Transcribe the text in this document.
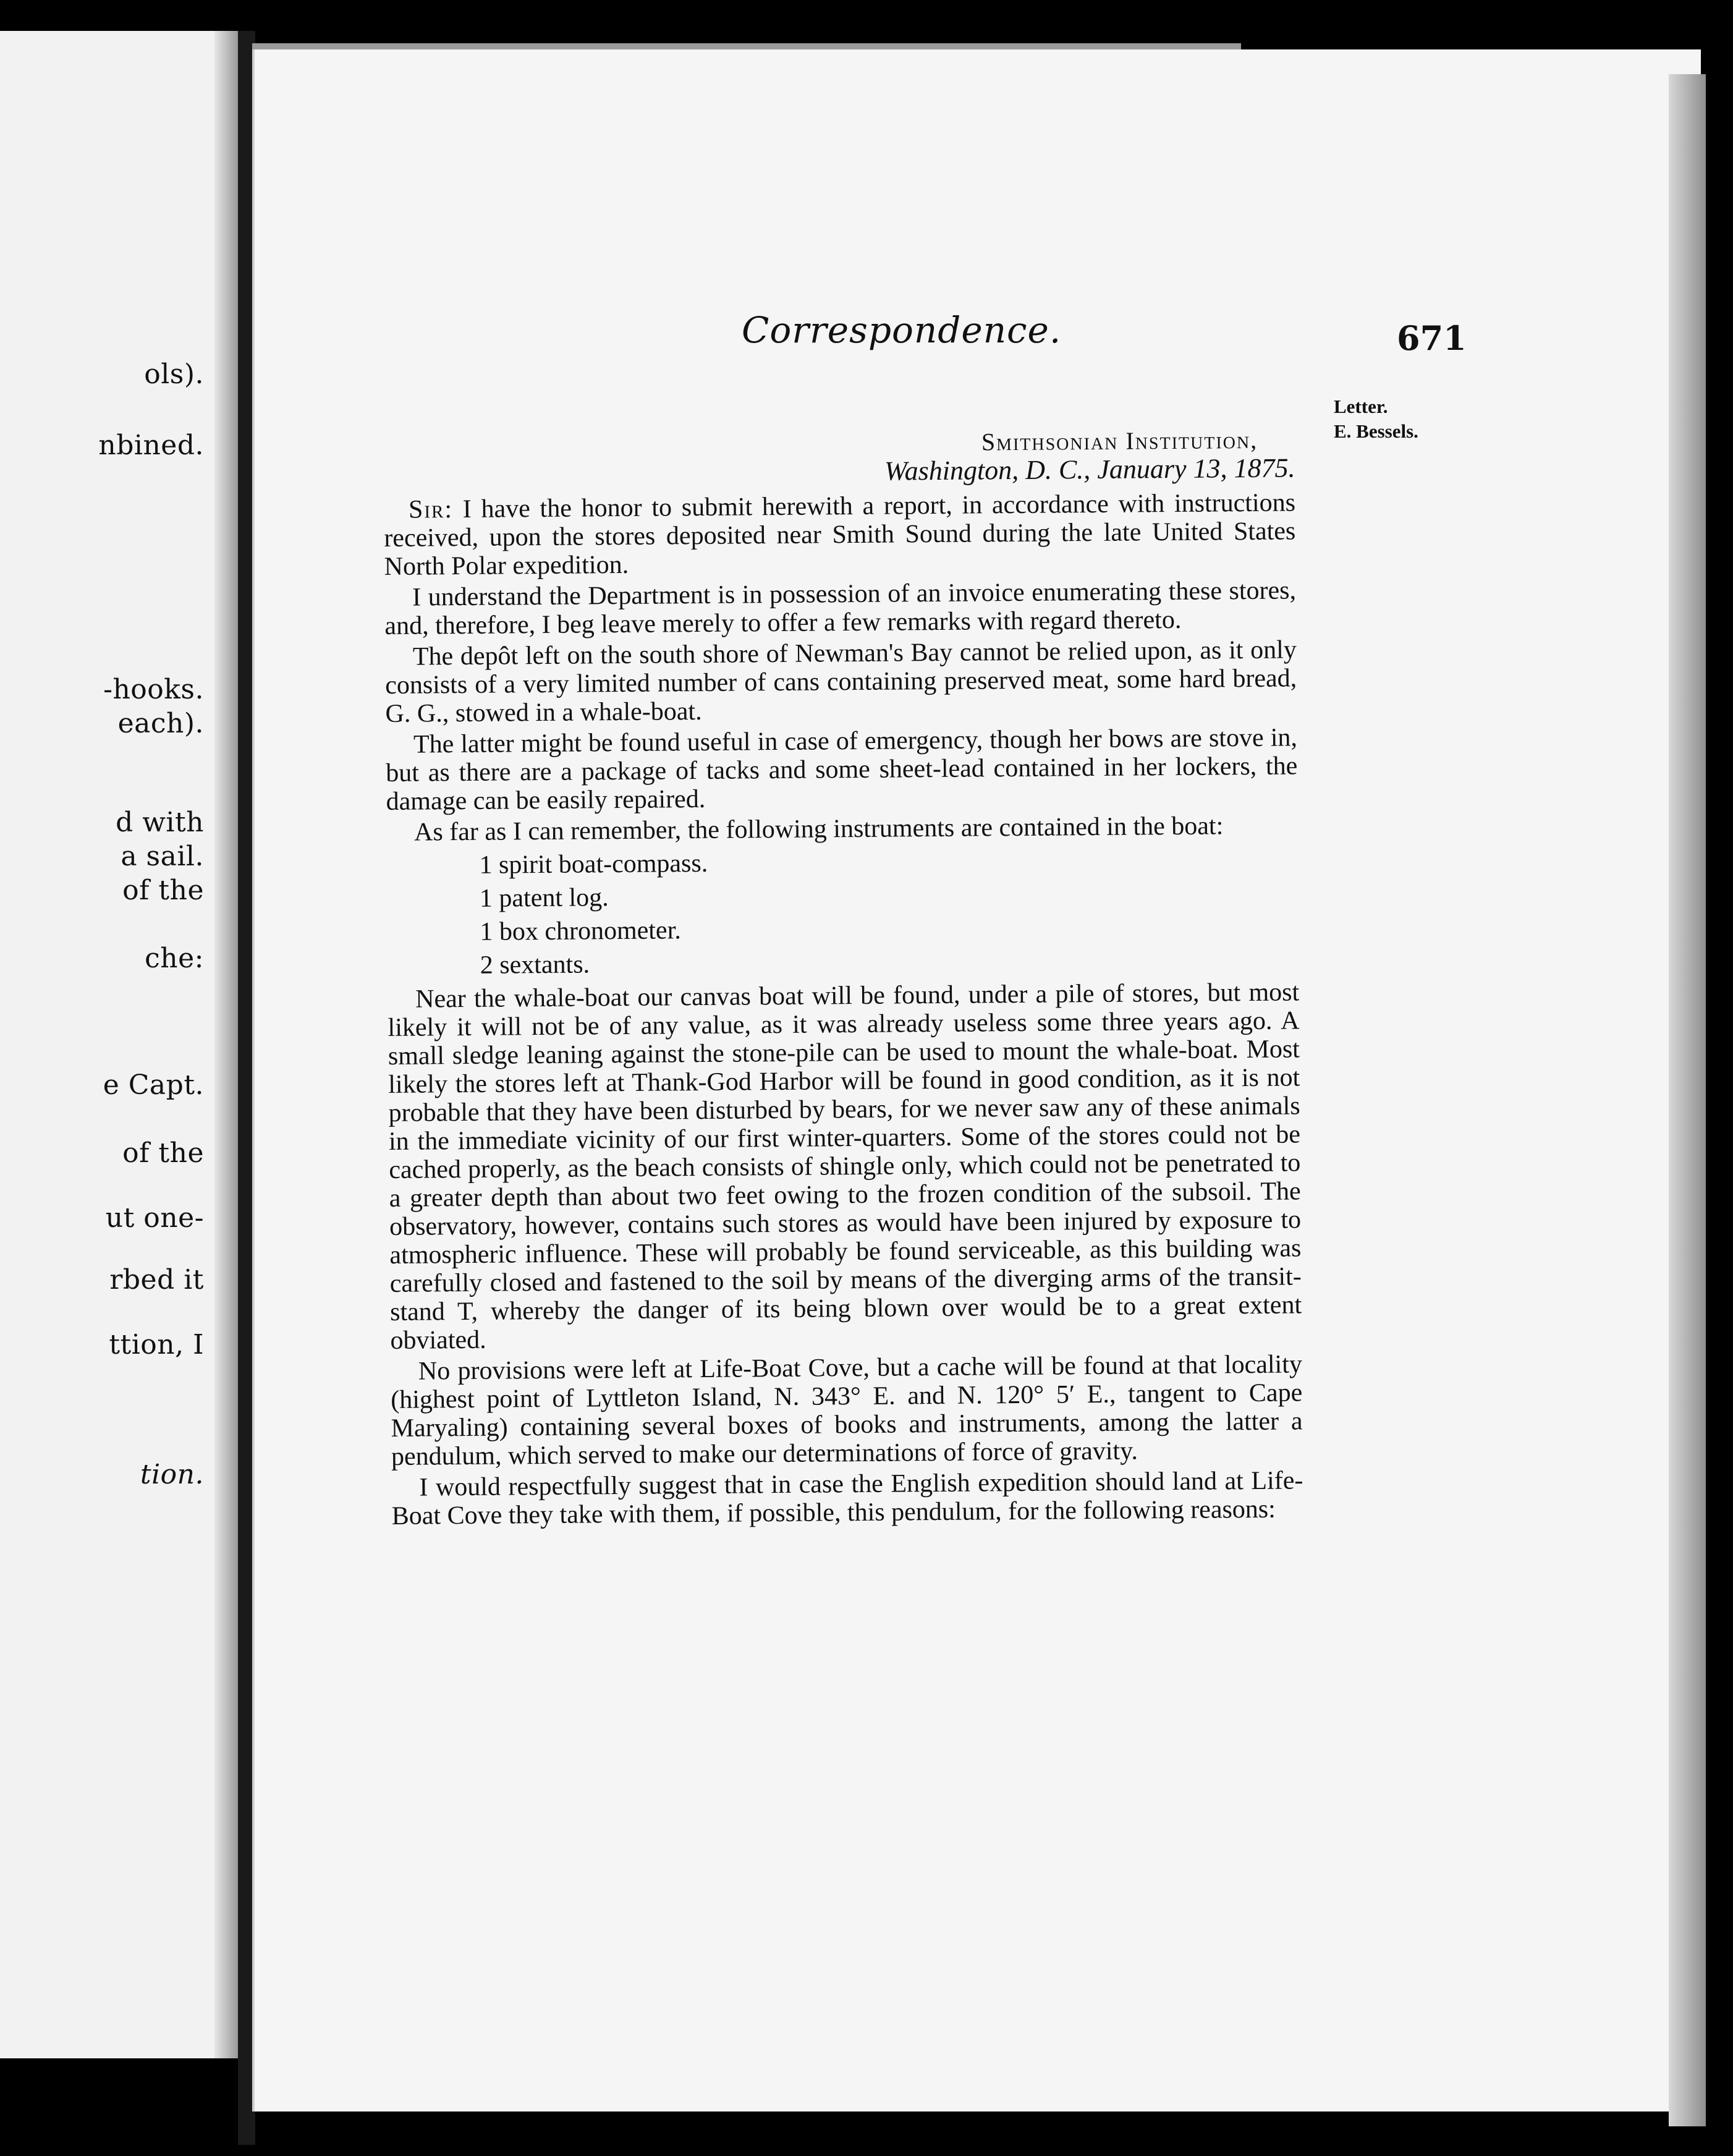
ols).
nbined.
-hooks.
each).
d with
a sail.
of the
che:
e Capt.
of the
ut one-
rbed it
ttion, I
tion.
Correspondence.	671
Letter.
E. Bessels.
Smithsonian Institution,
Washington, D. C., January 13, 1875.

Sir: I have the honor to submit herewith a report, in accordance with instructions received, upon the stores deposited near Smith Sound during the late United States North Polar expedition.

I understand the Department is in possession of an invoice enumerating these stores, and, therefore, I beg leave merely to offer a few remarks with regard thereto.

The depôt left on the south shore of Newman's Bay cannot be relied upon, as it only consists of a very limited number of cans containing preserved meat, some hard bread, G. G., stowed in a whale-boat.

The latter might be found useful in case of emergency, though her bows are stove in, but as there are a package of tacks and some sheet-lead contained in her lockers, the damage can be easily repaired.

As far as I can remember, the following instruments are contained in the boat:

1 spirit boat-compass.
1 patent log.
1 box chronometer.
2 sextants.

Near the whale-boat our canvas boat will be found, under a pile of stores, but most likely it will not be of any value, as it was already useless some three years ago. A small sledge leaning against the stone-pile can be used to mount the whale-boat. Most likely the stores left at Thank-God Harbor will be found in good condition, as it is not probable that they have been disturbed by bears, for we never saw any of these animals in the immediate vicinity of our first winter-quarters. Some of the stores could not be cached properly, as the beach consists of shingle only, which could not be penetrated to a greater depth than about two feet owing to the frozen condition of the subsoil. The observatory, however, contains such stores as would have been injured by exposure to atmospheric influence. These will probably be found serviceable, as this building was carefully closed and fastened to the soil by means of the diverging arms of the transit-stand T, whereby the danger of its being blown over would be to a great extent obviated.

No provisions were left at Life-Boat Cove, but a cache will be found at that locality (highest point of Lyttleton Island, N. 343° E. and N. 120° 5′ E., tangent to Cape Maryaling) containing several boxes of books and instruments, among the latter a pendulum, which served to make our determinations of force of gravity.

I would respectfully suggest that in case the English expedition should land at Life-Boat Cove they take with them, if possible, this pendulum, for the following reasons:
